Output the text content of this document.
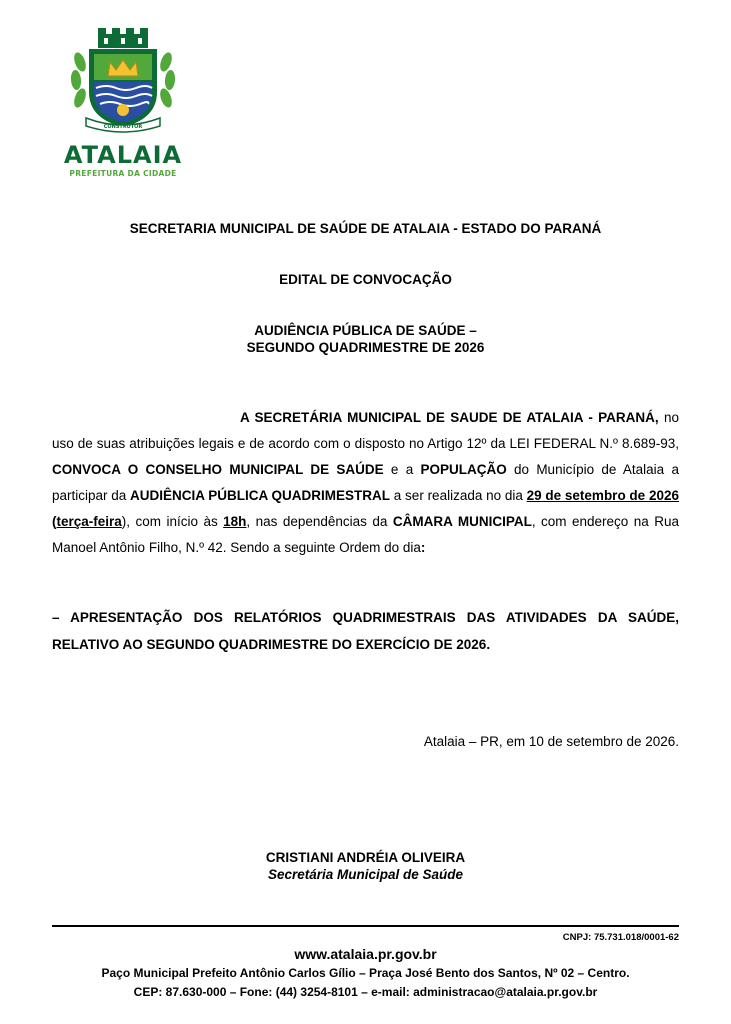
CONSTRUTOR
ATALAIA
PREFEITURA DA CIDADE
SECRETARIA MUNICIPAL DE SAÚDE DE ATALAIA - ESTADO DO PARANÁ
EDITAL DE CONVOCAÇÃO
AUDIÊNCIA PÚBLICA DE SAÚDE –
SEGUNDO QUADRIMESTRE DE 2026
A SECRETÁRIA MUNICIPAL DE SAUDE DE ATALAIA - PARANÁ, no uso de suas atribuições legais e de acordo com o disposto no Artigo 12º da LEI FEDERAL N.º 8.689-93, CONVOCA O CONSELHO MUNICIPAL DE SAÚDE e a POPULAÇÃO do Município de Atalaia a participar da AUDIÊNCIA PÚBLICA QUADRIMESTRAL a ser realizada no dia 29 de setembro de 2026 (terça-feira), com início às 18h, nas dependências da CÂMARA MUNICIPAL, com endereço na Rua Manoel Antônio Filho, N.º 42. Sendo a seguinte Ordem do dia:
– APRESENTAÇÃO DOS RELATÓRIOS QUADRIMESTRAIS DAS ATIVIDADES DA SAÚDE, RELATIVO AO SEGUNDO QUADRIMESTRE DO EXERCÍCIO DE 2026.
Atalaia – PR, em 10 de setembro de 2026.
CRISTIANI ANDRÉIA OLIVEIRA
Secretária Municipal de Saúde
CNPJ: 75.731.018/0001-62
www.atalaia.pr.gov.br
Paço Municipal Prefeito Antônio Carlos Gílio – Praça José Bento dos Santos, Nº 02 – Centro.
CEP: 87.630-000 – Fone: (44) 3254-8101 – e-mail: administracao@atalaia.pr.gov.br
